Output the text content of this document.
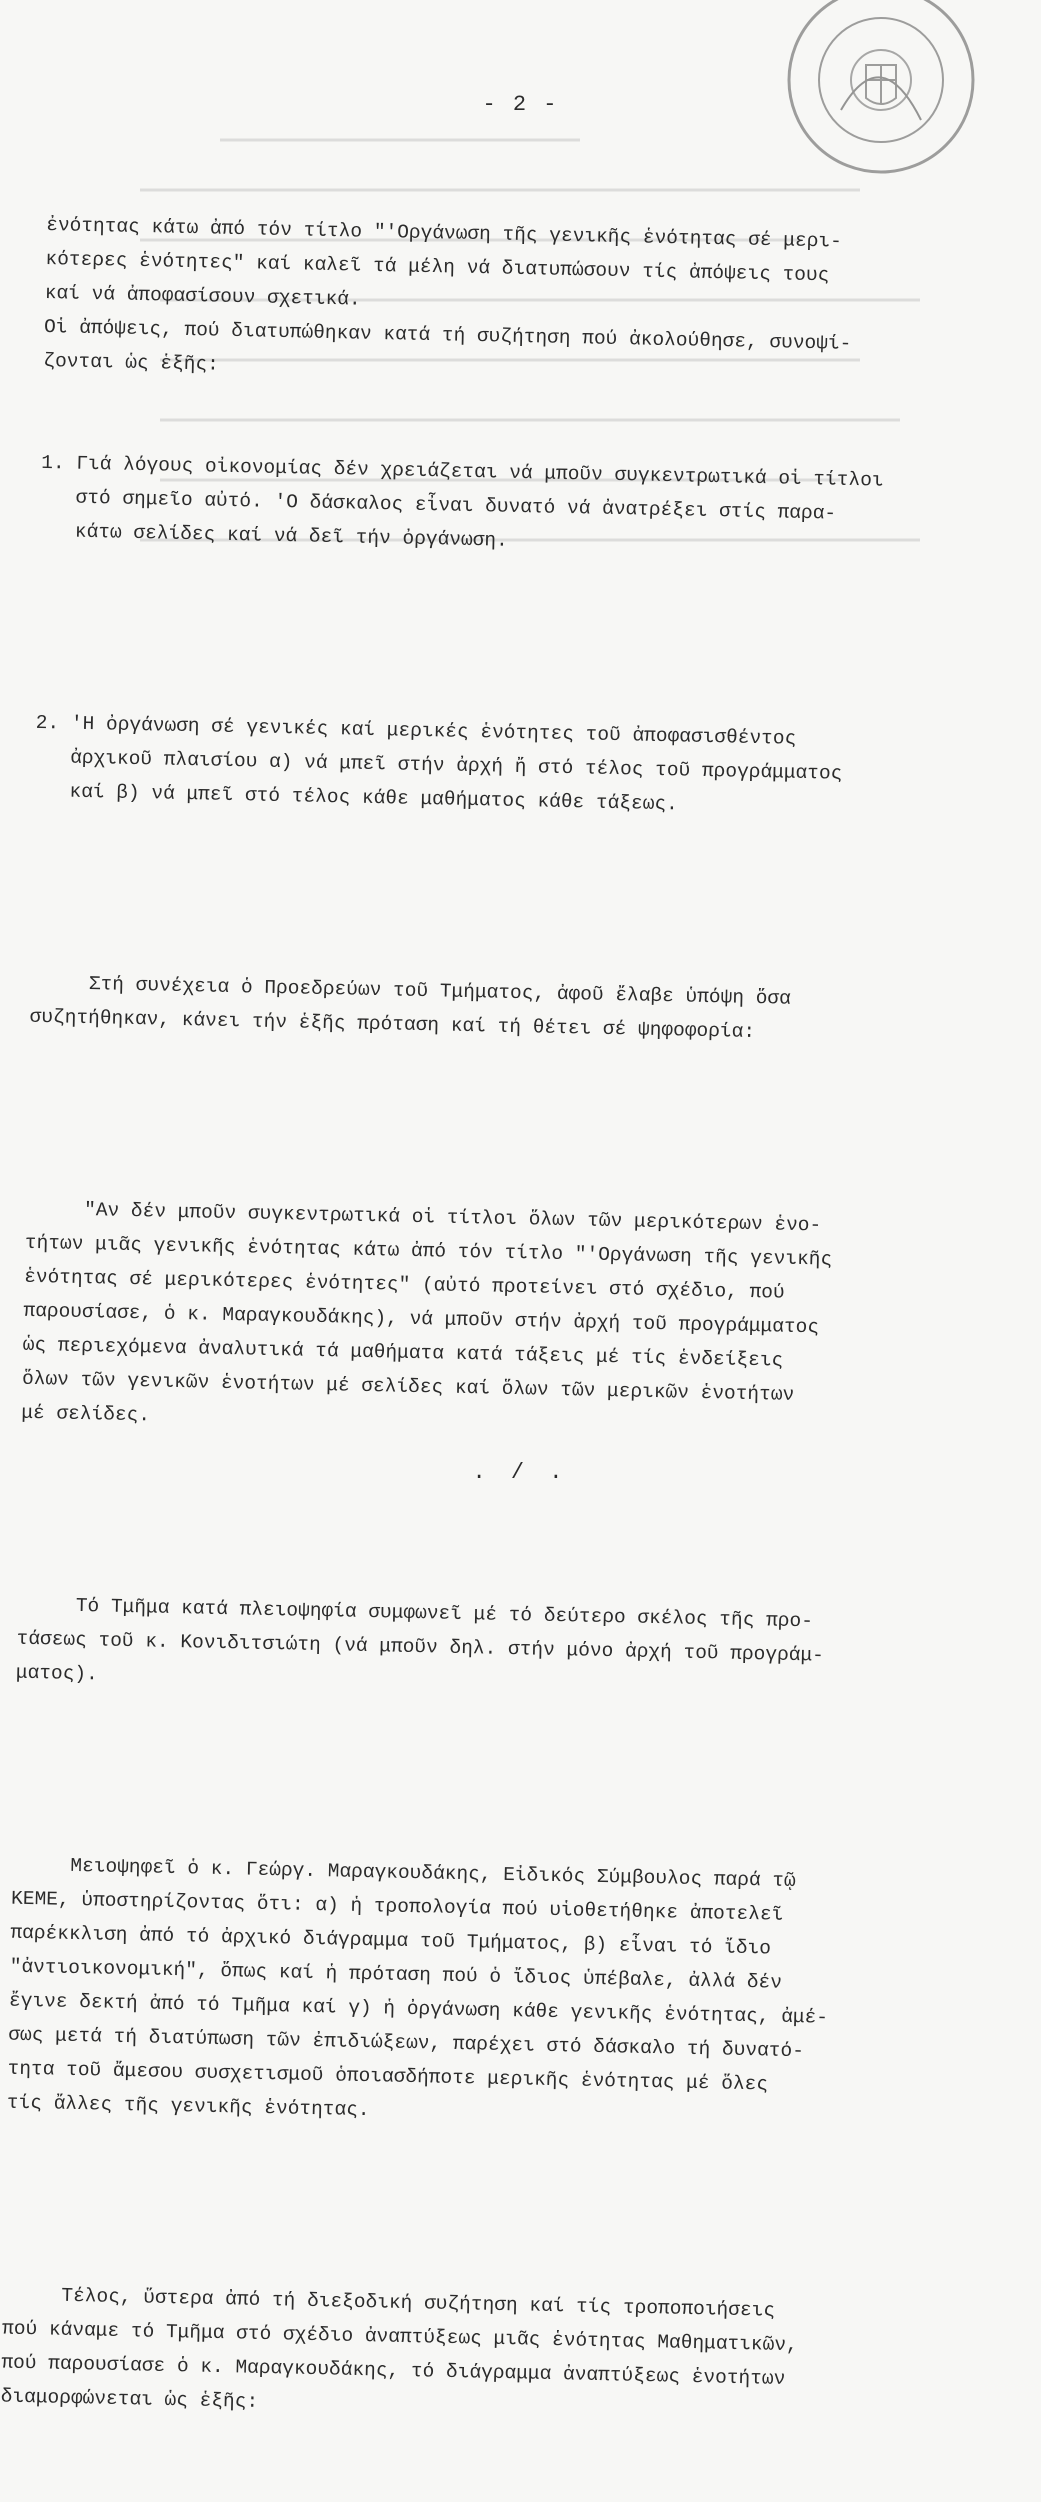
- 2 -

ἐνότητας κάτω ἀπό τόν τίτλο "'Οργάνωση τῆς γενικῆς ἑνότητας σέ μερι-
κότερες ἑνότητες" καί καλεῖ τά μέλη νά διατυπώσουν τίς ἀπόψεις τους
καί νά ἀποφασίσουν σχετικά.
Οἱ ἀπόψεις, πού διατυπώθηκαν κατά τή συζήτηση πού ἀκολούθησε, συνοψί-
ζονται ὡς ἑξῆς:

1. Γιά λόγους οἰκονομίας δέν χρειάζεται νά μποῦν συγκεντρωτικά οἱ τίτλοι
στό σημεῖο αὐτό. 'Ο δάσκαλος εἶναι δυνατό νά ἀνατρέξει στίς παρα-
κάτω σελίδες καί νά δεῖ τήν ὀργάνωση.

2. 'Η ὀργάνωση σέ γενικές καί μερικές ἑνότητες τοῦ ἀποφασισθέντος
ἀρχικοῦ πλαισίου α) νά μπεῖ στήν ἀρχή ἤ στό τέλος τοῦ προγράμματος
καί β) νά μπεῖ στό τέλος κάθε μαθήματος κάθε τάξεως.

Στή συνέχεια ὁ Προεδρεύων τοῦ Τμήματος, ἀφοῦ ἔλαβε ὑπόψη ὅσα
συζητήθηκαν, κάνει τήν ἑξῆς πρόταση καί τή θέτει σέ ψηφοφορία:

"Αν δέν μποῦν συγκεντρωτικά οἱ τίτλοι ὅλων τῶν μερικότερων ἑνο-
τήτων μιᾶς γενικῆς ἑνότητας κάτω ἀπό τόν τίτλο "'Οργάνωση τῆς γενικῆς
ἑνότητας σέ μερικότερες ἑνότητες" (αὐτό προτείνει στό σχέδιο, πού
παρουσίασε, ὁ κ. Μαραγκουδάκης), νά μποῦν στήν ἀρχή τοῦ προγράμματος
ὡς περιεχόμενα ἀναλυτικά τά μαθήματα κατά τάξεις μέ τίς ἑνδείξεις
ὅλων τῶν γενικῶν ἑνοτήτων μέ σελίδες καί ὅλων τῶν μερικῶν ἑνοτήτων
μέ σελίδες.

Τό Τμῆμα κατά πλειοψηφία συμφωνεῖ μέ τό δεύτερο σκέλος τῆς προ-
τάσεως τοῦ κ. Κονιδιτσιώτη (νά μποῦν δηλ. στήν μόνο ἀρχή τοῦ προγράμ-
ματος).

Μειοψηφεῖ ὁ κ. Γεώργ. Μαραγκουδάκης, Εἰδικός Σύμβουλος παρά τῷ
ΚΕΜΕ, ὑποστηρίζοντας ὅτι: α) ἡ τροπολογία πού υἱοθετήθηκε ἀποτελεῖ
παρέκκλιση ἀπό τό ἀρχικό διάγραμμα τοῦ Τμήματος, β) εἶναι τό ἴδιο
"ἀντιοικονομική", ὅπως καί ἡ πρόταση πού ὁ ἴδιος ὑπέβαλε, ἀλλά δέν
ἔγινε δεκτή ἀπό τό Τμῆμα καί γ) ἡ ὀργάνωση κάθε γενικῆς ἑνότητας, ἀμέ-
σως μετά τή διατύπωση τῶν ἐπιδιώξεων, παρέχει στό δάσκαλο τή δυνατό-
τητα τοῦ ἄμεσου συσχετισμοῦ ὁποιασδήποτε μερικῆς ἑνότητας μέ ὅλες
τίς ἄλλες τῆς γενικῆς ἑνότητας.

Τέλος, ὕστερα ἀπό τή διεξοδική συζήτηση καί τίς τροποποιήσεις
πού κάναμε τό Τμῆμα στό σχέδιο ἀναπτύξεως μιᾶς ἑνότητας Μαθηματικῶν,
πού παρουσίασε ὁ κ. Μαραγκουδάκης, τό διάγραμμα ἀναπτύξεως ἑνοτήτων
διαμορφώνεται ὡς ἑξῆς:

. / .
